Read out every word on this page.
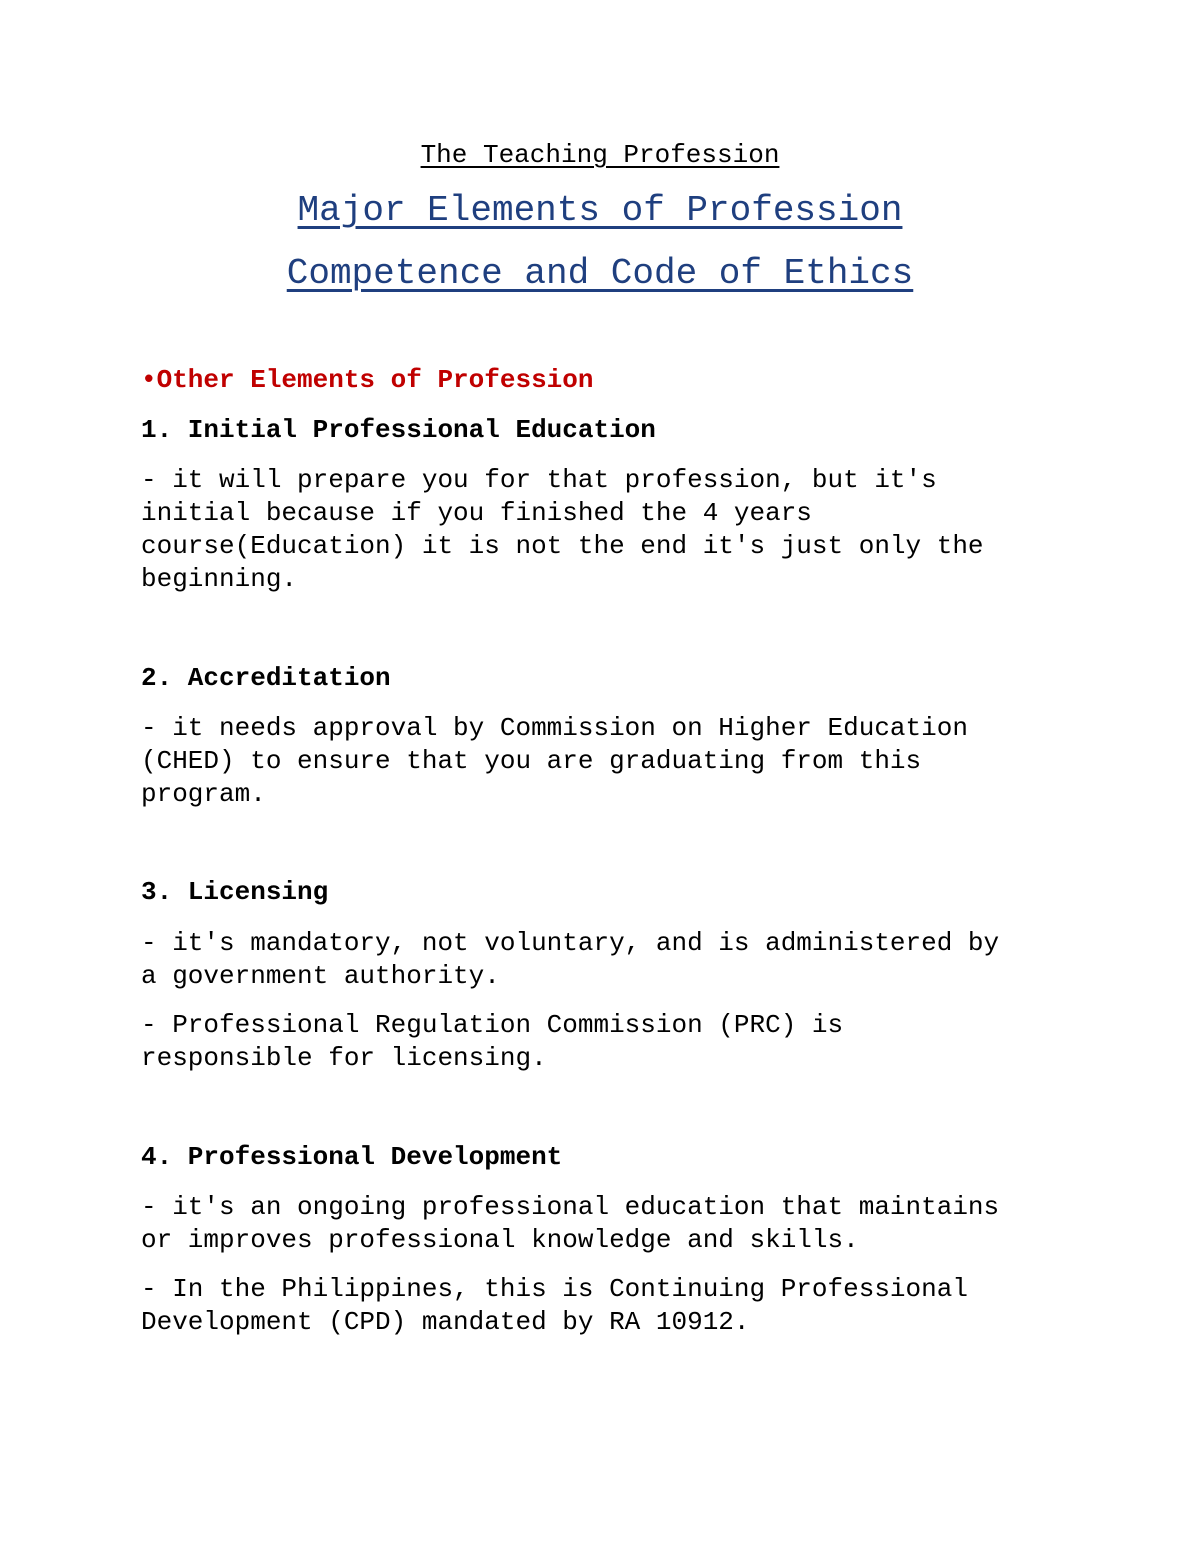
The Teaching Profession
Major Elements of Profession
Competence and Code of Ethics
•Other Elements of Profession
1. Initial Professional Education

- it will prepare you for that profession, but it's
initial because if you finished the 4 years
course(Education) it is not the end it's just only the
beginning.

2. Accreditation

- it needs approval by Commission on Higher Education
(CHED) to ensure that you are graduating from this
program.

3. Licensing

- it's mandatory, not voluntary, and is administered by
a government authority.

- Professional Regulation Commission (PRC) is
responsible for licensing.

4. Professional Development

- it's an ongoing professional education that maintains
or improves professional knowledge and skills.

- In the Philippines, this is Continuing Professional
Development (CPD) mandated by RA 10912.
